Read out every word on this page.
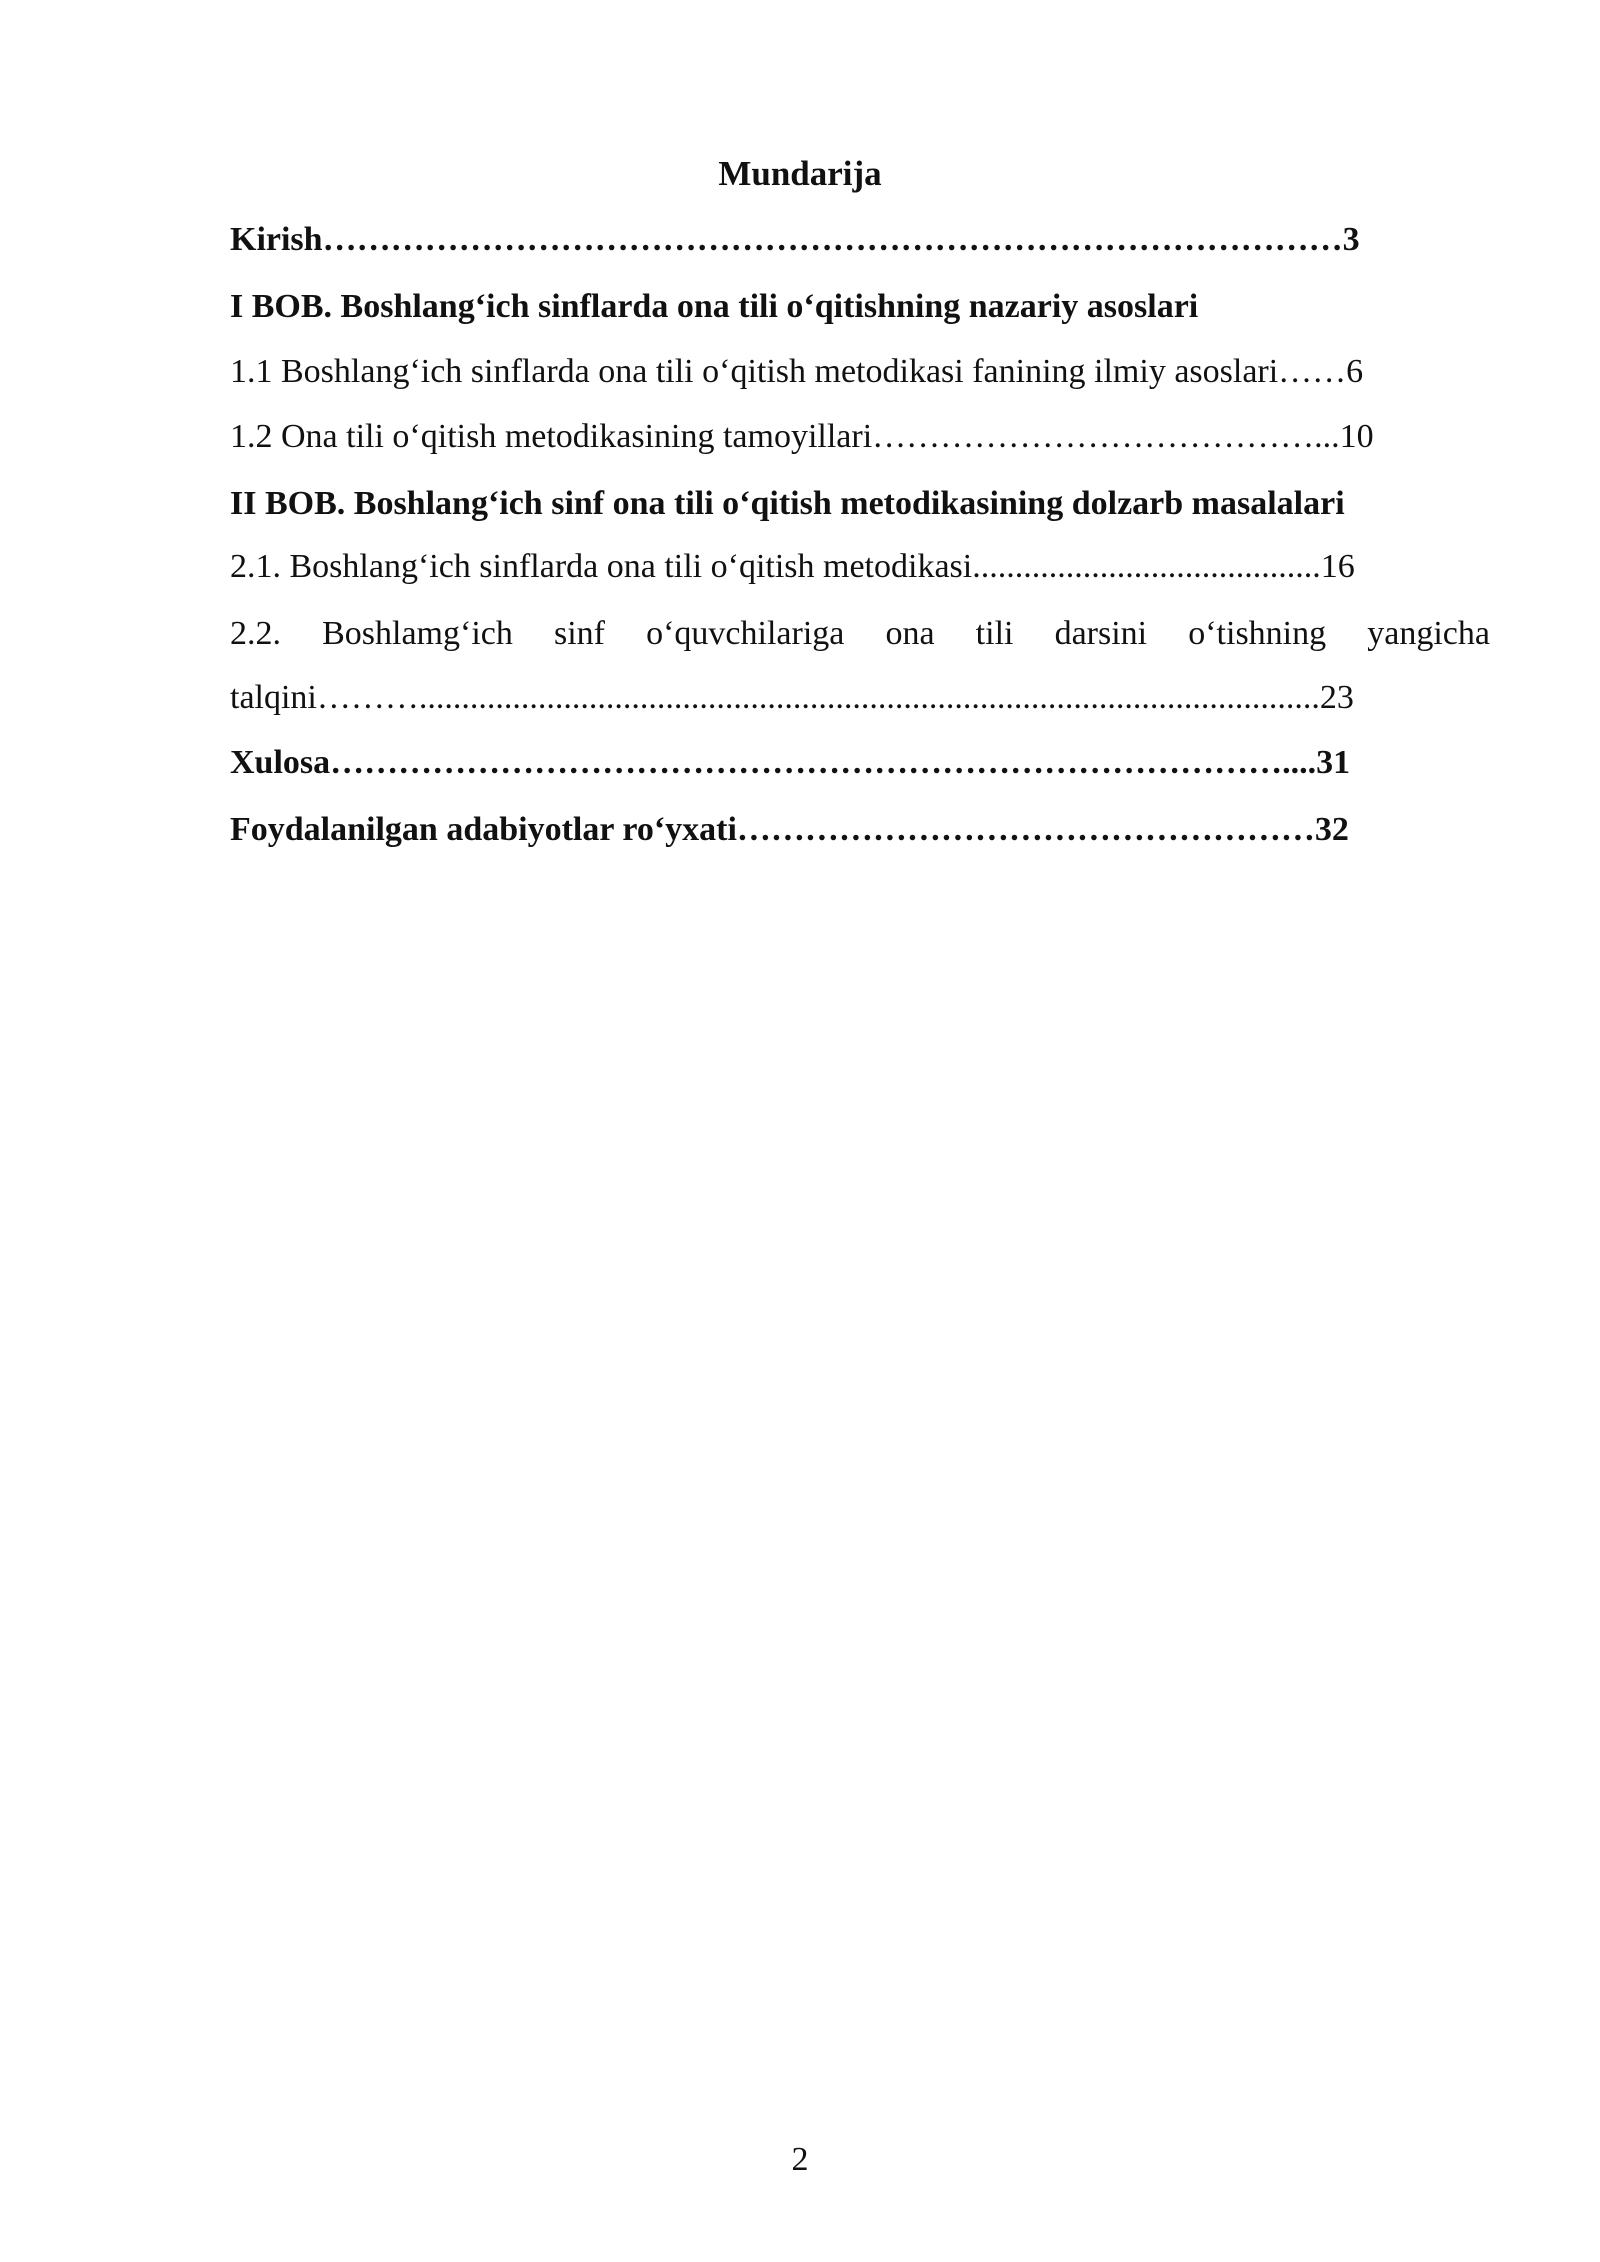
Mundarija
Kirish………………………………………………………………………………3
I BOB. Boshlang‘ich sinflarda ona tili o‘qitishning nazariy asoslari
1.1 Boshlang‘ich sinflarda ona tili o‘qitish metodikasi fanining ilmiy asoslari……6
1.2 Ona tili o‘qitish metodikasining tamoyillari…………………………………...10
II BOB. Boshlang‘ich sinf ona tili o‘qitish metodikasining dolzarb masalalari
2.1. Boshlang‘ich sinflarda ona tili o‘qitish metodikasi.........................................16
2.2. Boshlamg‘ich sinf o‘quvchilariga ona tili darsini o‘tishning yangicha
talqini………..........................................................................................................23
Xulosa…………………………………………………………………………....31
Foydalanilgan adabiyotlar ro‘yxati……………………………………………32
2
